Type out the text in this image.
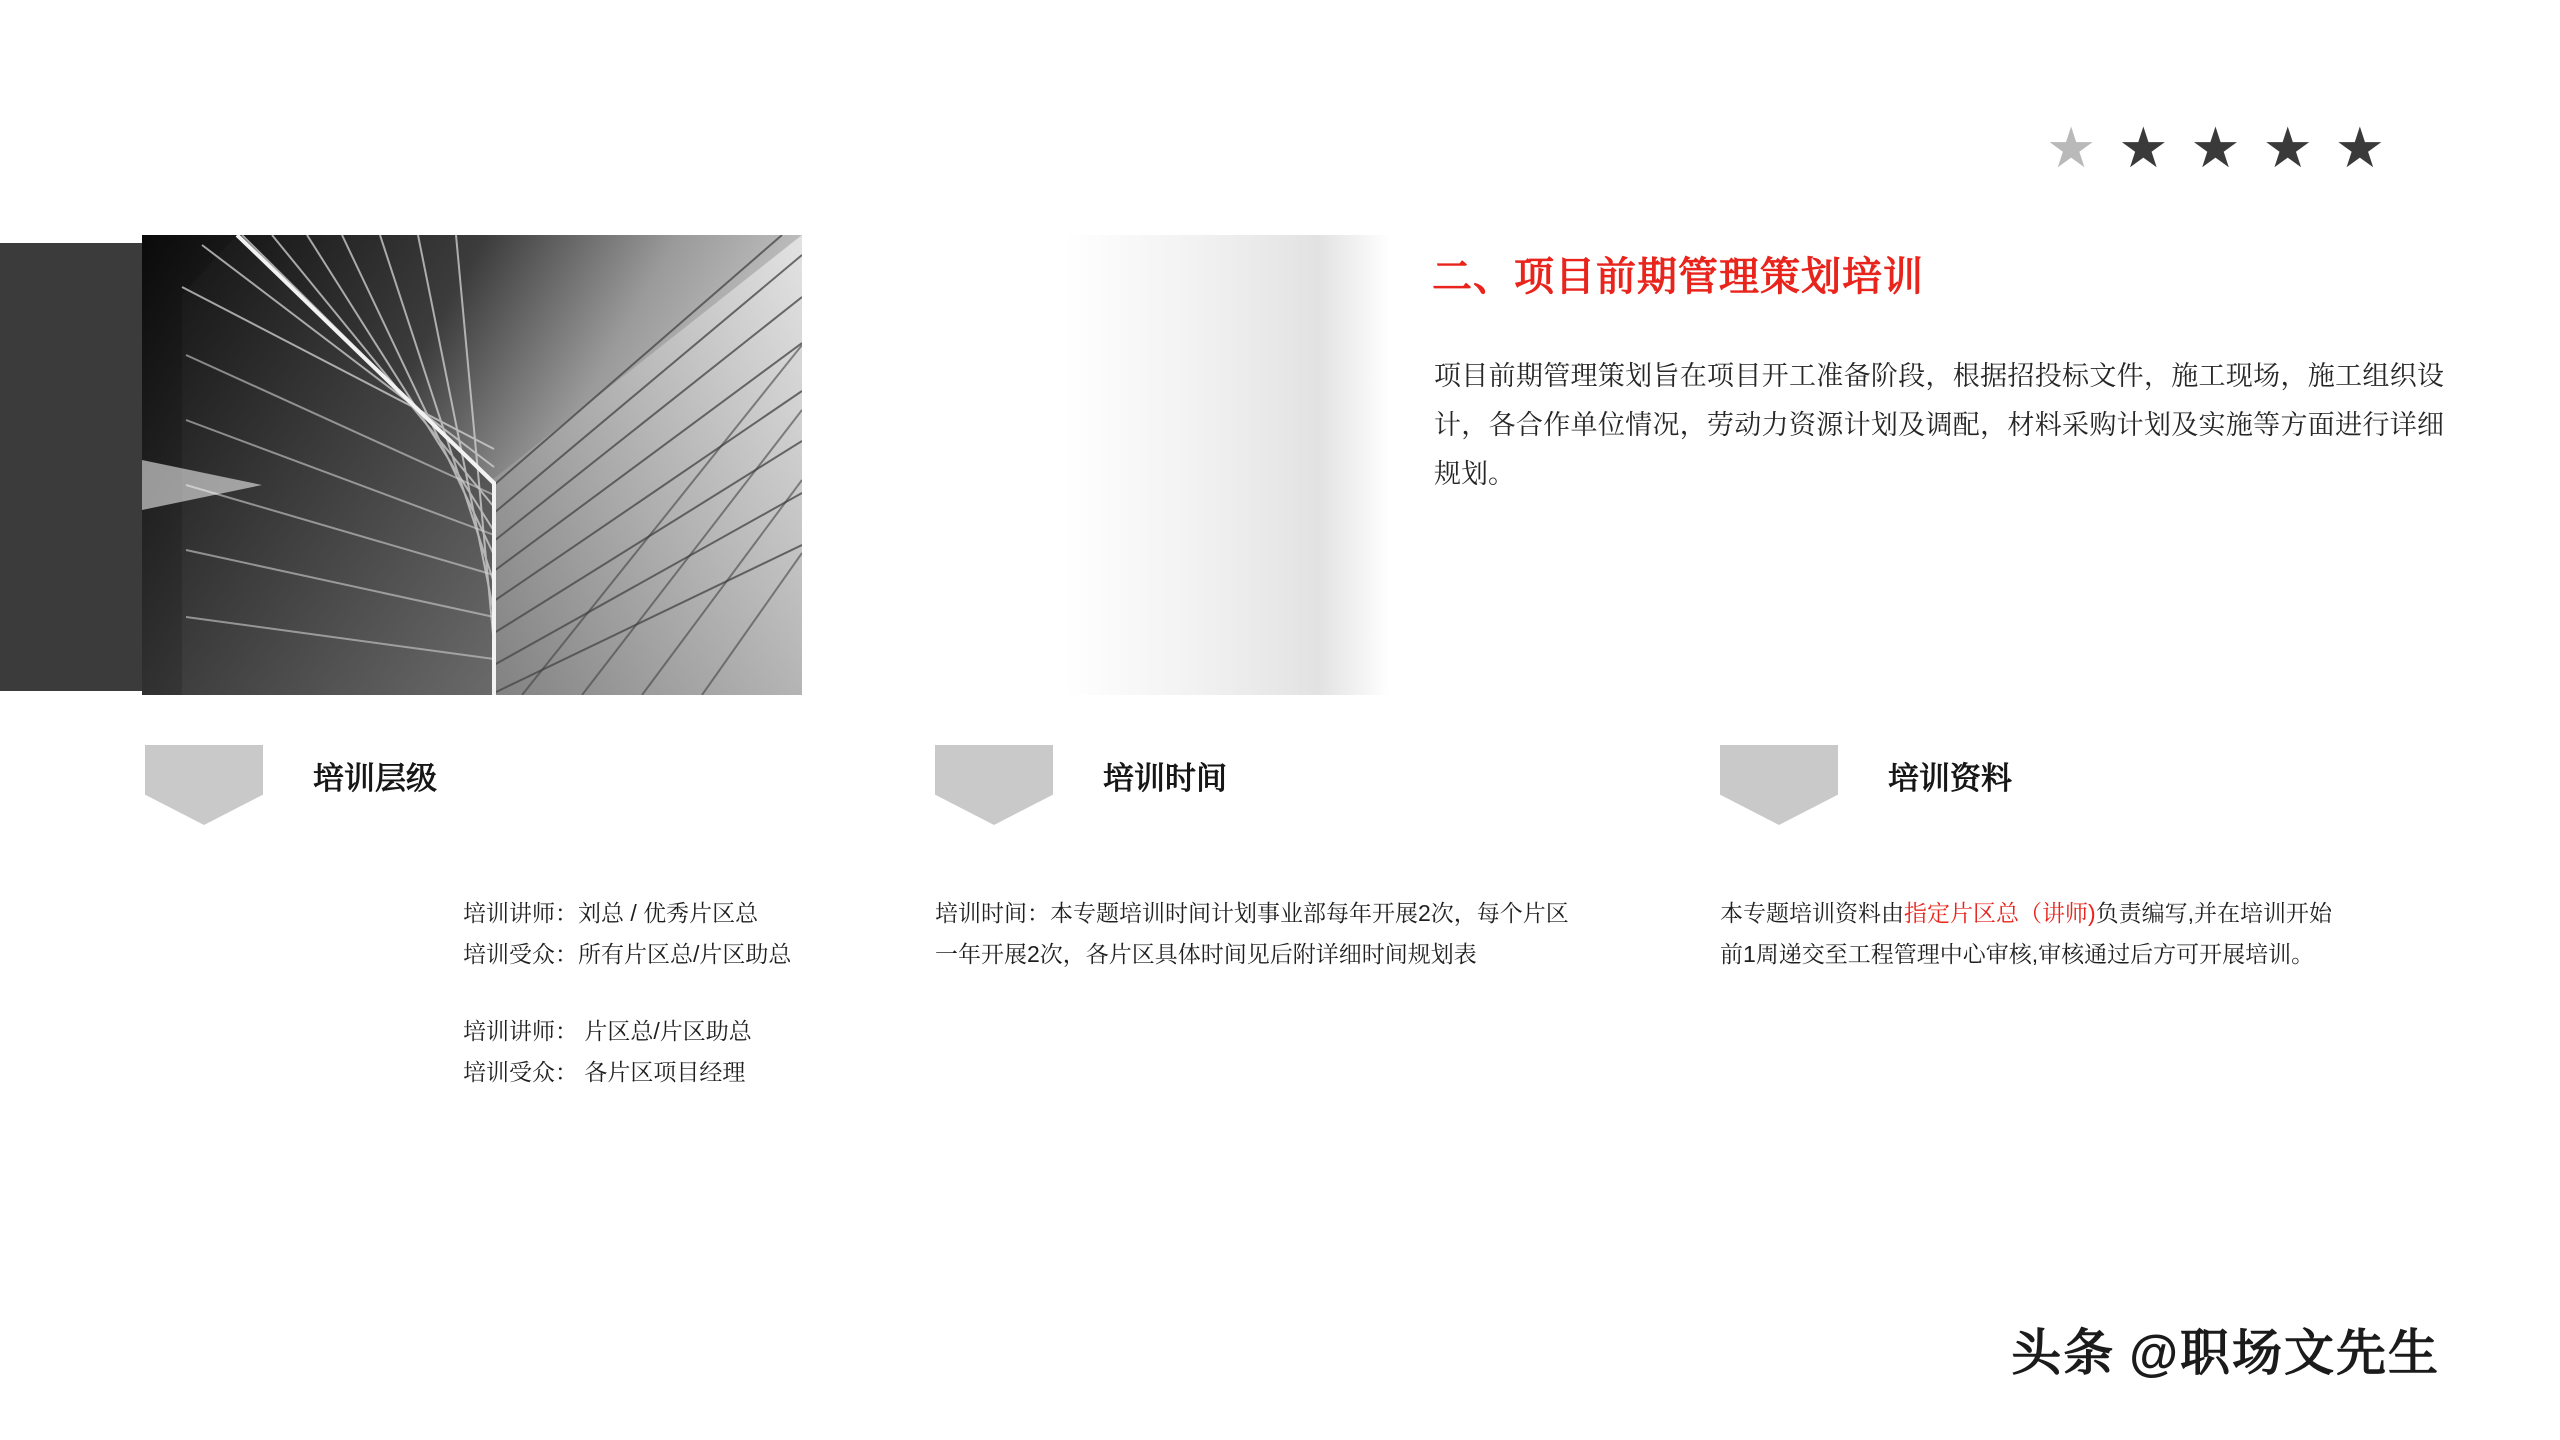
★ ★ ★ ★ ★
二、项目前期管理策划培训
项目前期管理策划旨在项目开工准备阶段，根据招投标文件，施工现场，施工组织设计，各合作单位情况，劳动力资源计划及调配，材料采购计划及实施等方面进行详细规划。
培训层级
培训讲师：刘总 / 优秀片区总
培训受众：所有片区总/片区助总
培训讲师： 片区总/片区助总
培训受众： 各片区项目经理
培训时间
培训时间：本专题培训时间计划事业部每年开展2次，每个片区一年开展2次，各片区具体时间见后附详细时间规划表
培训资料
本专题培训资料由指定片区总（讲师)负责编写,并在培训开始前1周递交至工程管理中心审核,审核通过后方可开展培训。
头条 @职场文先生
